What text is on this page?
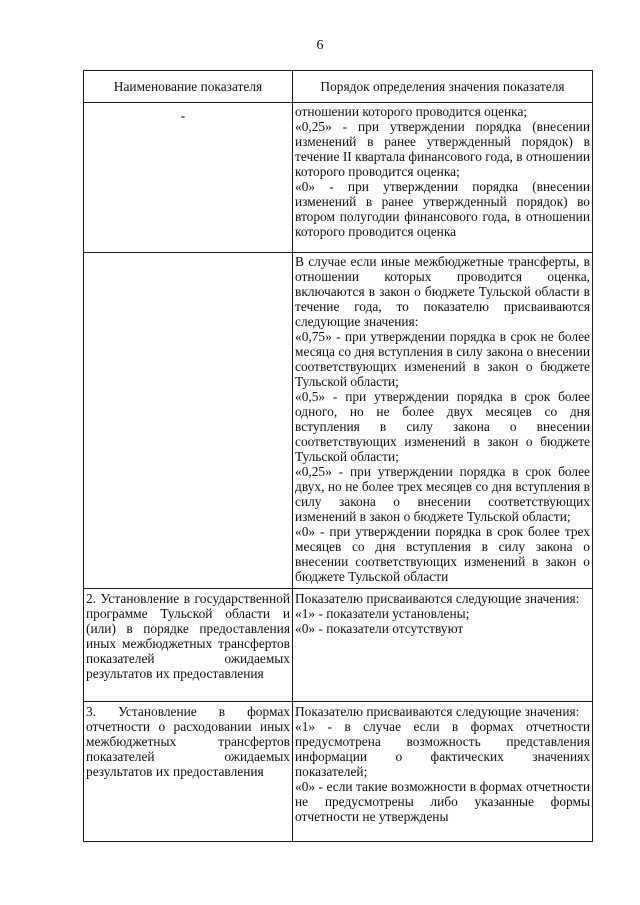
6
Наименование показателя	Порядок определения значения показателя

-	отношении которого проводится оценка;
«0,25» - при утверждении порядка (внесении изменений в ранее утвержденный порядок) в течение II квартала финансового года, в отношении которого проводится оценка;
«0» - при утверждении порядка (внесении изменений в ранее утвержденный порядок) во втором полугодии финансового года, в отношении которого проводится оценка

	В случае если иные межбюджетные трансферты, в отношении которых проводится оценка, включаются в закон о бюджете Тульской области в течение года, то показателю присваиваются следующие значения:
«0,75» - при утверждении порядка в срок не более месяца со дня вступления в силу закона о внесении соответствующих изменений в закон о бюджете Тульской области;
«0,5» - при утверждении порядка в срок более одного, но не более двух месяцев со дня вступления в силу закона о внесении соответствующих изменений в закон о бюджете Тульской области;
«0,25» - при утверждении порядка в срок более двух, но не более трех месяцев со дня вступления в силу закона о внесении соответствующих изменений в закон о бюджете Тульской области;
«0» - при утверждении порядка в срок более трех месяцев со дня вступления в силу закона о внесении соответствующих изменений в закон о бюджете Тульской области

2. Установление в государственной программе Тульской области и (или) в порядке предоставления иных межбюджетных трансфертов показателей ожидаемых результатов их предоставления	Показателю присваиваются следующие значения:
«1» - показатели установлены;
«0» - показатели отсутствуют

3. Установление в формах отчетности о расходовании иных межбюджетных трансфертов показателей ожидаемых результатов их предоставления	Показателю присваиваются следующие значения:
«1» - в случае если в формах отчетности предусмотрена возможность представления информации о фактических значениях показателей;
«0» - если такие возможности в формах отчетности не предусмотрены либо указанные формы отчетности не утверждены
